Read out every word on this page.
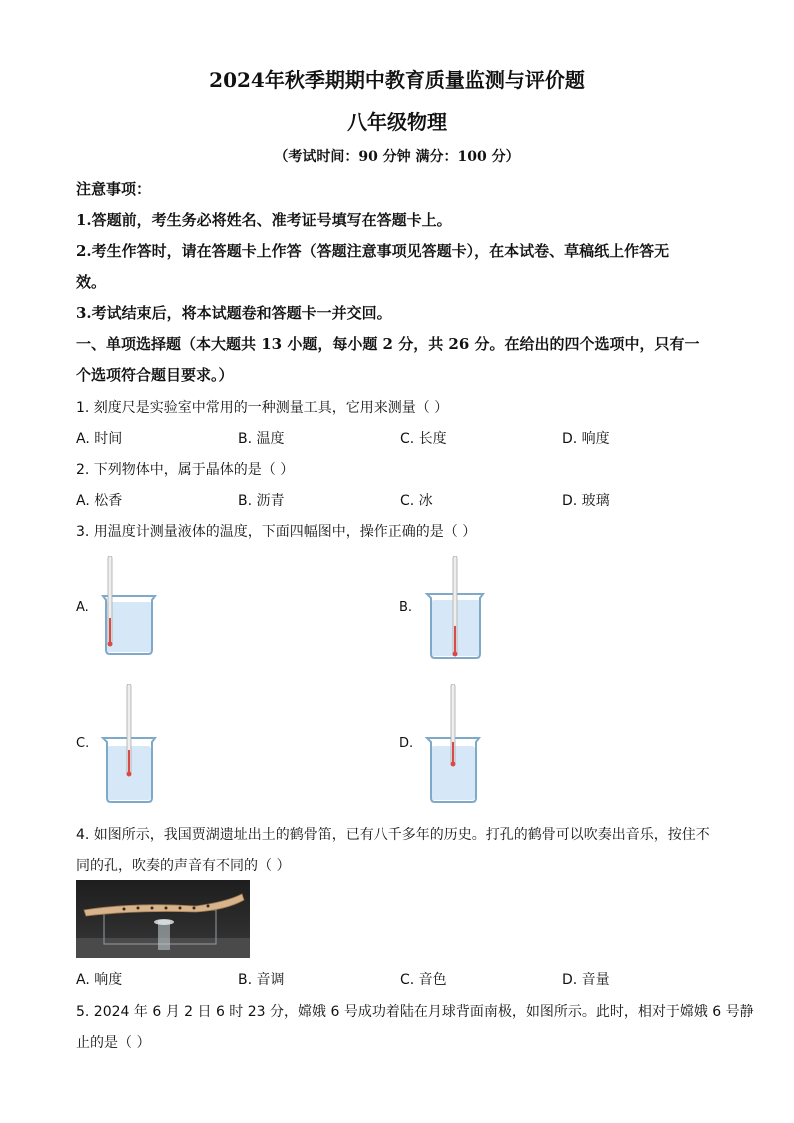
2024年秋季期期中教育质量监测与评价题
八年级物理
（考试时间：90 分钟 满分：100 分）
注意事项：
1.答题前，考生务必将姓名、准考证号填写在答题卡上。
2.考生作答时，请在答题卡上作答（答题注意事项见答题卡），在本试卷、草稿纸上作答无
效。
3.考试结束后，将本试题卷和答题卡一并交回。
一、单项选择题（本大题共 13 小题，每小题 2 分，共 26 分。在给出的四个选项中，只有一
个选项符合题目要求。）
1. 刻度尺是实验室中常用的一种测量工具，它用来测量（ ）
A. 时间	B. 温度	C. 长度	D. 响度
2. 下列物体中，属于晶体的是（ ）
A. 松香	B. 沥青	C. 冰	D. 玻璃
3. 用温度计测量液体的温度，下面四幅图中，操作正确的是（ ）
A.	B.
C.	D.
4. 如图所示，我国贾湖遗址出土的鹤骨笛，已有八千多年的历史。打孔的鹤骨可以吹奏出音乐，按住不
同的孔，吹奏的声音有不同的（ ）
A. 响度	B. 音调	C. 音色	D. 音量
5. 2024 年 6 月 2 日 6 时 23 分，嫦娥 6 号成功着陆在月球背面南极，如图所示。此时，相对于嫦娥 6 号静
止的是（ ）
